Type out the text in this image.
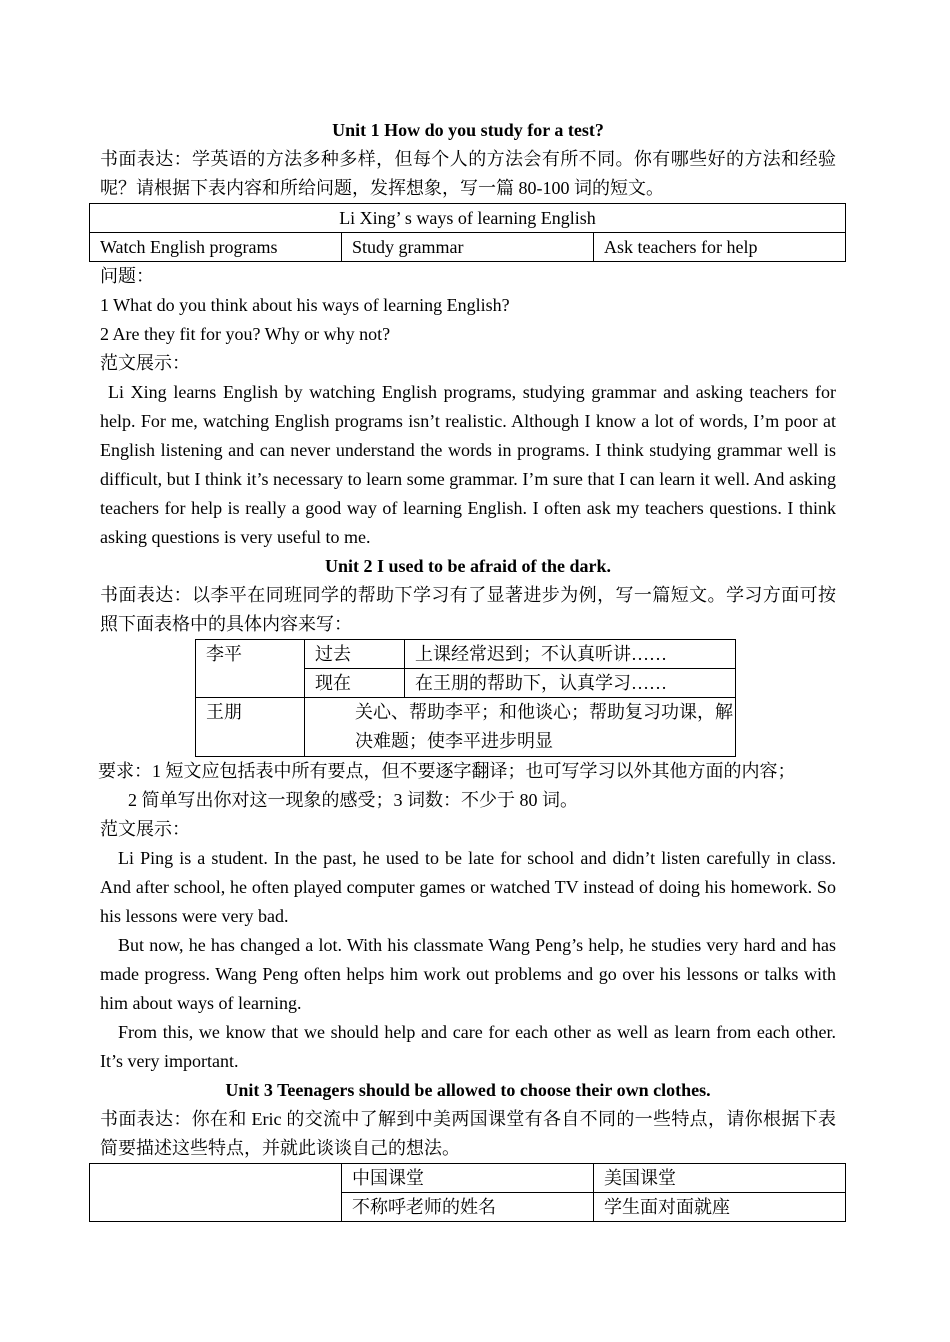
Unit 1 How do you study for a test?
书面表达：学英语的方法多种多样，但每个人的方法会有所不同。你有哪些好的方法和经验呢？请根据下表内容和所给问题，发挥想象，写一篇 80-100 词的短文。
Li Xing’ s ways of learning English
Watch English programs	Study grammar	Ask teachers for help
问题：
1 What do you think about his ways of learning English?
2 Are they fit for you? Why or why not?
范文展示：
Li Xing learns English by watching English programs, studying grammar and asking teachers for help. For me, watching English programs isn’t realistic. Although I know a lot of words, I’m poor at English listening and can never understand the words in programs. I think studying grammar well is difficult, but I think it’s necessary to learn some grammar. I’m sure that I can learn it well. And asking teachers for help is really a good way of learning English. I often ask my teachers questions. I think asking questions is very useful to me.
Unit 2 I used to be afraid of the dark.
书面表达：以李平在同班同学的帮助下学习有了显著进步为例，写一篇短文。学习方面可按照下面表格中的具体内容来写：
李平	过去	上课经常迟到；不认真听讲……
	现在	在王朋的帮助下，认真学习……
王朋	关心、帮助李平；和他谈心；帮助复习功课，解决难题；使李平进步明显	
要求：1 短文应包括表中所有要点，但不要逐字翻译；也可写学习以外其他方面的内容；
2 简单写出你对这一现象的感受；3 词数：不少于 80 词。
范文展示：
Li Ping is a student. In the past, he used to be late for school and didn’t listen carefully in class. And after school, he often played computer games or watched TV instead of doing his homework. So his lessons were very bad.
But now, he has changed a lot. With his classmate Wang Peng’s help, he studies very hard and has made progress. Wang Peng often helps him work out problems and go over his lessons or talks with him about ways of learning.
From this, we know that we should help and care for each other as well as learn from each other. It’s very important.
Unit 3 Teenagers should be allowed to choose their own clothes.
书面表达：你在和 Eric 的交流中了解到中美两国课堂有各自不同的一些特点，请你根据下表简要描述这些特点，并就此谈谈自己的想法。
	中国课堂	美国课堂
	不称呼老师的姓名	学生面对面就座
